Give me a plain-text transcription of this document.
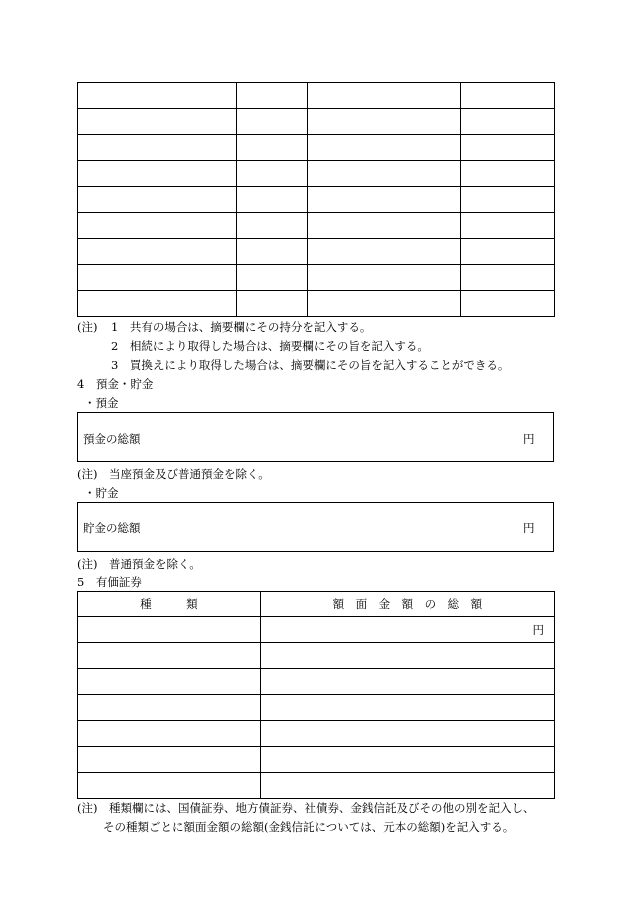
(注) 1　共有の場合は、摘要欄にその持分を記入する。
2　相続により取得した場合は、摘要欄にその旨を記入する。
3　買換えにより取得した場合は、摘要欄にその旨を記入することができる。
4　預金・貯金
・預金
預金の総額	円
(注)　当座預金及び普通預金を除く。
・貯金
貯金の総額	円
(注)　普通預金を除く。
5　有価証券
種　　　類	額　面　金　額　の　総　額
	円

(注)　種類欄には、国債証券、地方債証券、社債券、金銭信託及びその他の別を記入し、
その種類ごとに額面金額の総額(金銭信託については、元本の総額)を記入する。
